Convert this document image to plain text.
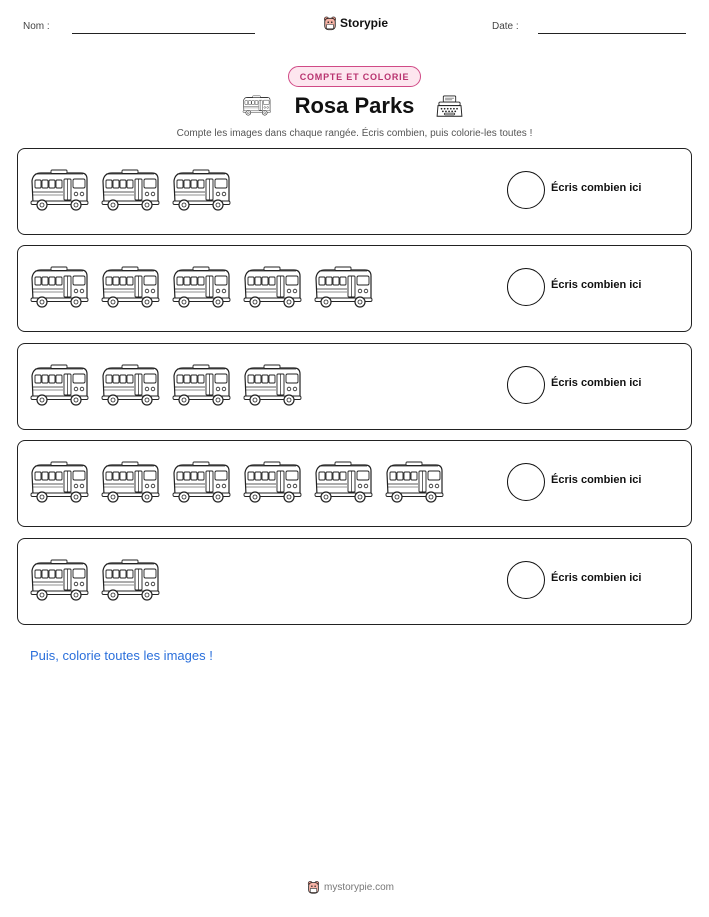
Nom :	Storypie	Date :
COMPTE ET COLORIE
Rosa Parks
Compte les images dans chaque rangée. Écris combien, puis colorie-les toutes !
Écris combien ici
Écris combien ici
Écris combien ici
Écris combien ici
Écris combien ici
Puis, colorie toutes les images !
mystorypie.com
